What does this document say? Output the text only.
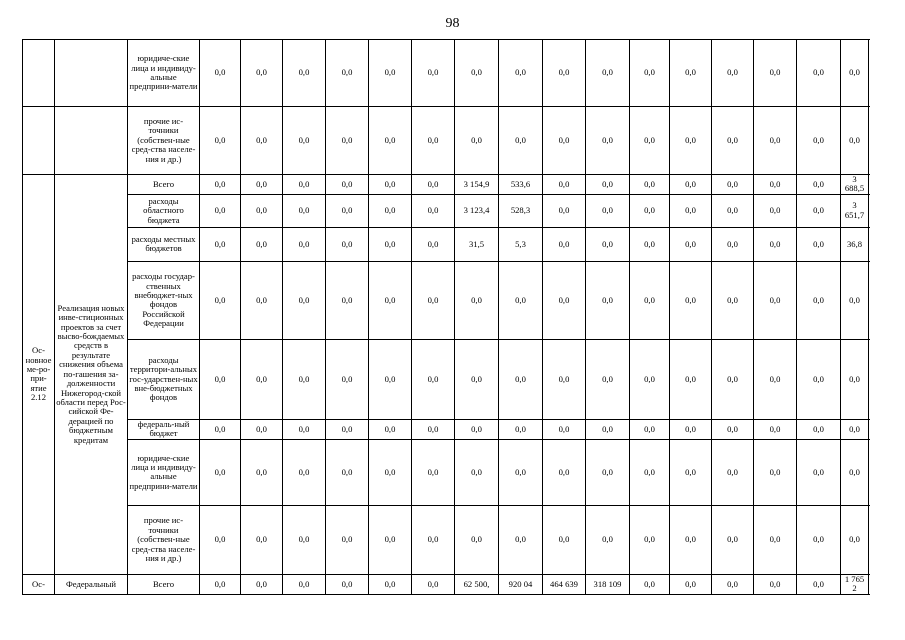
98
		юридиче-ские лица и индивиду-альные предприни-матели	0,0	0,0	0,0	0,0	0,0	0,0	0,0	0,0	0,0	0,0	0,0	0,0	0,0	0,0	0,0	0,0
		прочие ис-точники (собствен-ные сред-ства населе-ния и др.)	0,0	0,0	0,0	0,0	0,0	0,0	0,0	0,0	0,0	0,0	0,0	0,0	0,0	0,0	0,0	0,0
Ос-новное ме-ро-при-ятие 2.12	Реализация новых инве-стиционных проектов за счет высво-бождаемых средств в результате снижения объема по-гашения за-долженности Нижегород-ской области перед Рос-сийской Фе-дерацией по бюджетным кредитам	Всего	0,0	0,0	0,0	0,0	0,0	0,0	3 154,9	533,6	0,0	0,0	0,0	0,0	0,0	0,0	0,0	3 688,5
		расходы областного бюджета	0,0	0,0	0,0	0,0	0,0	0,0	3 123,4	528,3	0,0	0,0	0,0	0,0	0,0	0,0	0,0	3 651,7
		расходы местных бюджетов	0,0	0,0	0,0	0,0	0,0	0,0	31,5	5,3	0,0	0,0	0,0	0,0	0,0	0,0	0,0	36,8
		расходы государ-ственных внебюджет-ных фондов Российской Федерации	0,0	0,0	0,0	0,0	0,0	0,0	0,0	0,0	0,0	0,0	0,0	0,0	0,0	0,0	0,0	0,0
		расходы территори-альных гос-ударствен-ных вне-бюджетных фондов	0,0	0,0	0,0	0,0	0,0	0,0	0,0	0,0	0,0	0,0	0,0	0,0	0,0	0,0	0,0	0,0
		федераль-ный бюджет	0,0	0,0	0,0	0,0	0,0	0,0	0,0	0,0	0,0	0,0	0,0	0,0	0,0	0,0	0,0	0,0
		юридиче-ские лица и индивиду-альные предприни-матели	0,0	0,0	0,0	0,0	0,0	0,0	0,0	0,0	0,0	0,0	0,0	0,0	0,0	0,0	0,0	0,0
		прочие ис-точники (собствен-ные сред-ства населе-ния и др.)	0,0	0,0	0,0	0,0	0,0	0,0	0,0	0,0	0,0	0,0	0,0	0,0	0,0	0,0	0,0	0,0
Ос-	Федеральный	Всего	0,0	0,0	0,0	0,0	0,0	0,0	62 500,	920 04	464 639	318 109	0,0	0,0	0,0	0,0	0,0	1 765 2
